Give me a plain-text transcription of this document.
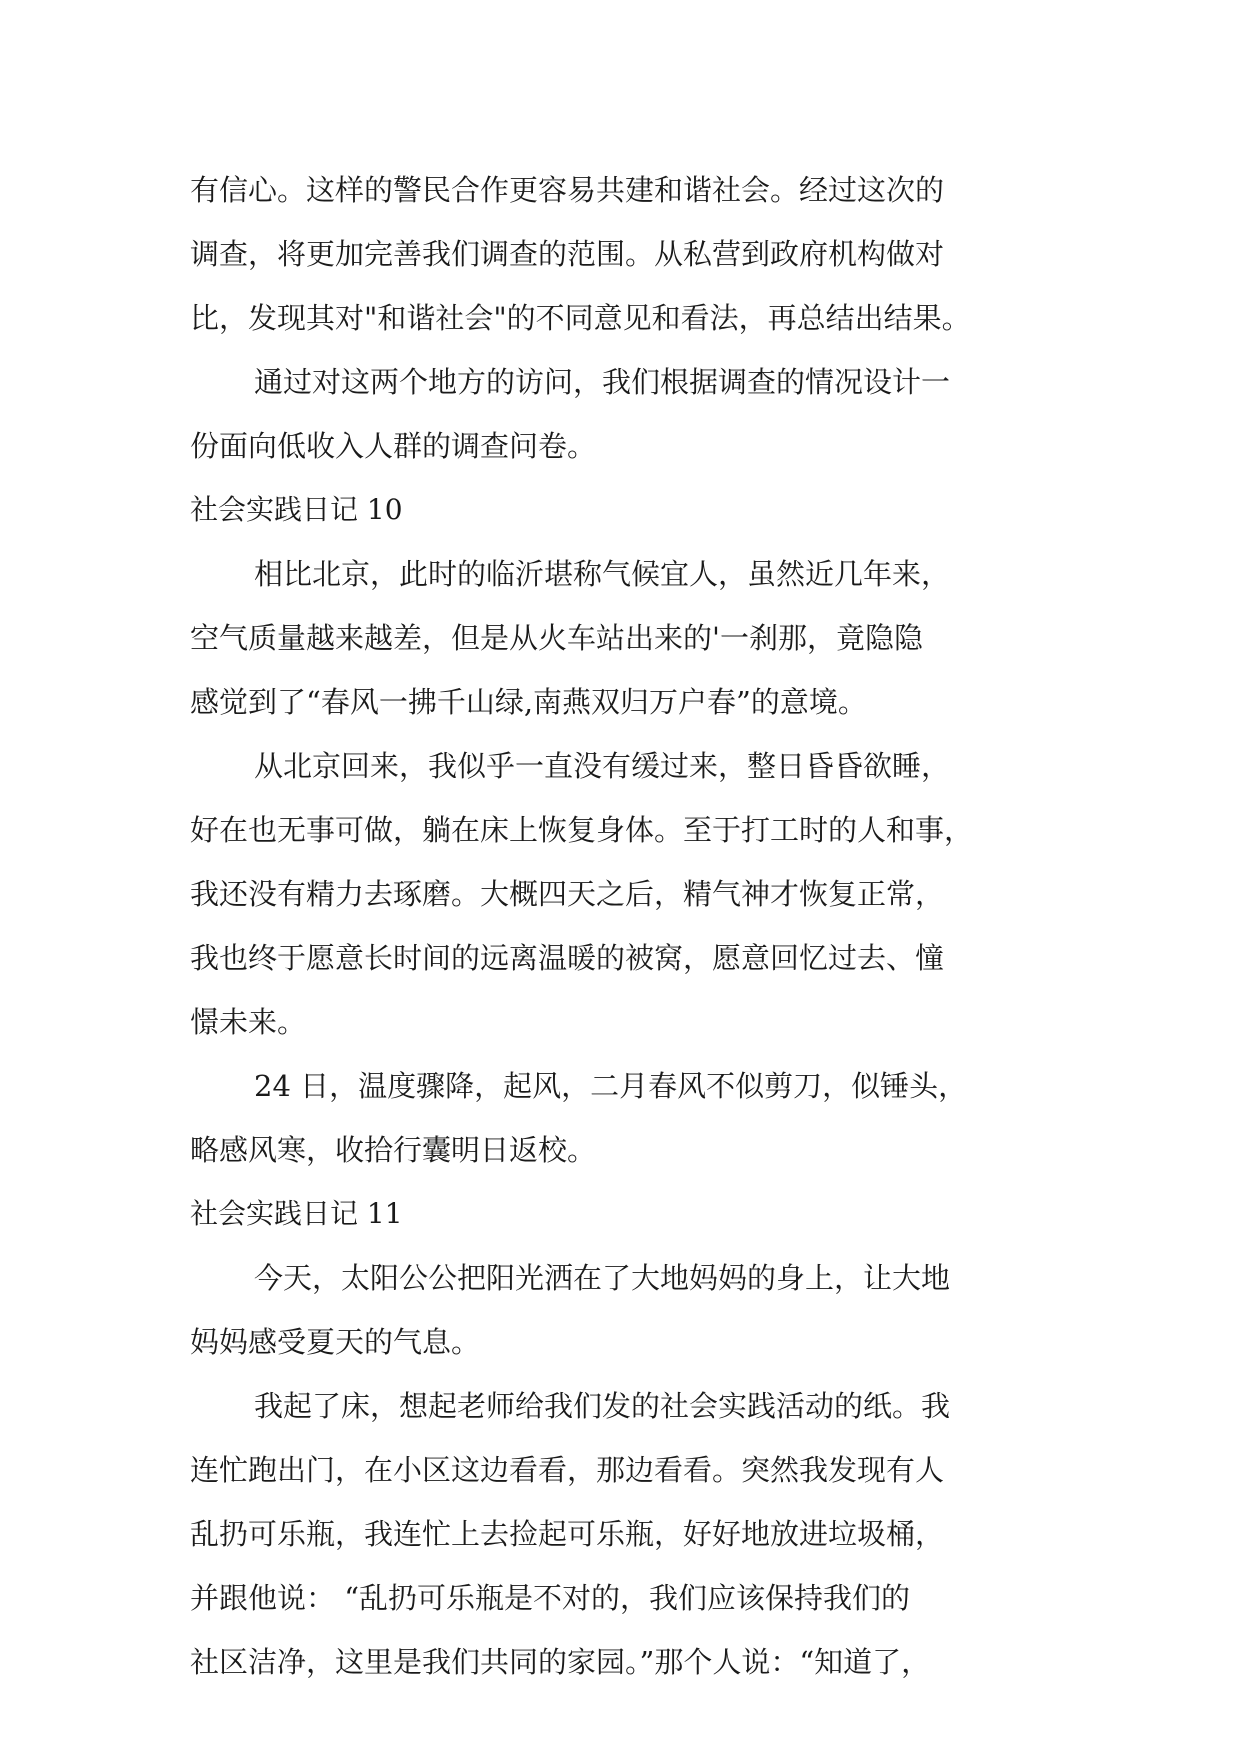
有信心。这样的警民合作更容易共建和谐社会。经过这次的
调查，将更加完善我们调查的范围。从私营到政府机构做对
比，发现其对"和谐社会"的不同意见和看法，再总结出结果。
通过对这两个地方的访问，我们根据调查的情况设计一
份面向低收入人群的调查问卷。
社会实践日记 10
相比北京，此时的临沂堪称气候宜人，虽然近几年来，
空气质量越来越差，但是从火车站出来的'一刹那，竟隐隐
感觉到了“春风一拂千山绿,南燕双归万户春”的意境。
从北京回来，我似乎一直没有缓过来，整日昏昏欲睡，
好在也无事可做，躺在床上恢复身体。至于打工时的人和事，
我还没有精力去琢磨。大概四天之后，精气神才恢复正常，
我也终于愿意长时间的远离温暖的被窝，愿意回忆过去、憧
憬未来。
24 日，温度骤降，起风，二月春风不似剪刀，似锤头，
略感风寒，收拾行囊明日返校。
社会实践日记 11
今天，太阳公公把阳光洒在了大地妈妈的身上，让大地
妈妈感受夏天的气息。
我起了床，想起老师给我们发的社会实践活动的纸。我
连忙跑出门，在小区这边看看，那边看看。突然我发现有人
乱扔可乐瓶，我连忙上去捡起可乐瓶，好好地放进垃圾桶，
并跟他说： “乱扔可乐瓶是不对的，我们应该保持我们的
社区洁净，这里是我们共同的家园。”那个人说：“知道了，
